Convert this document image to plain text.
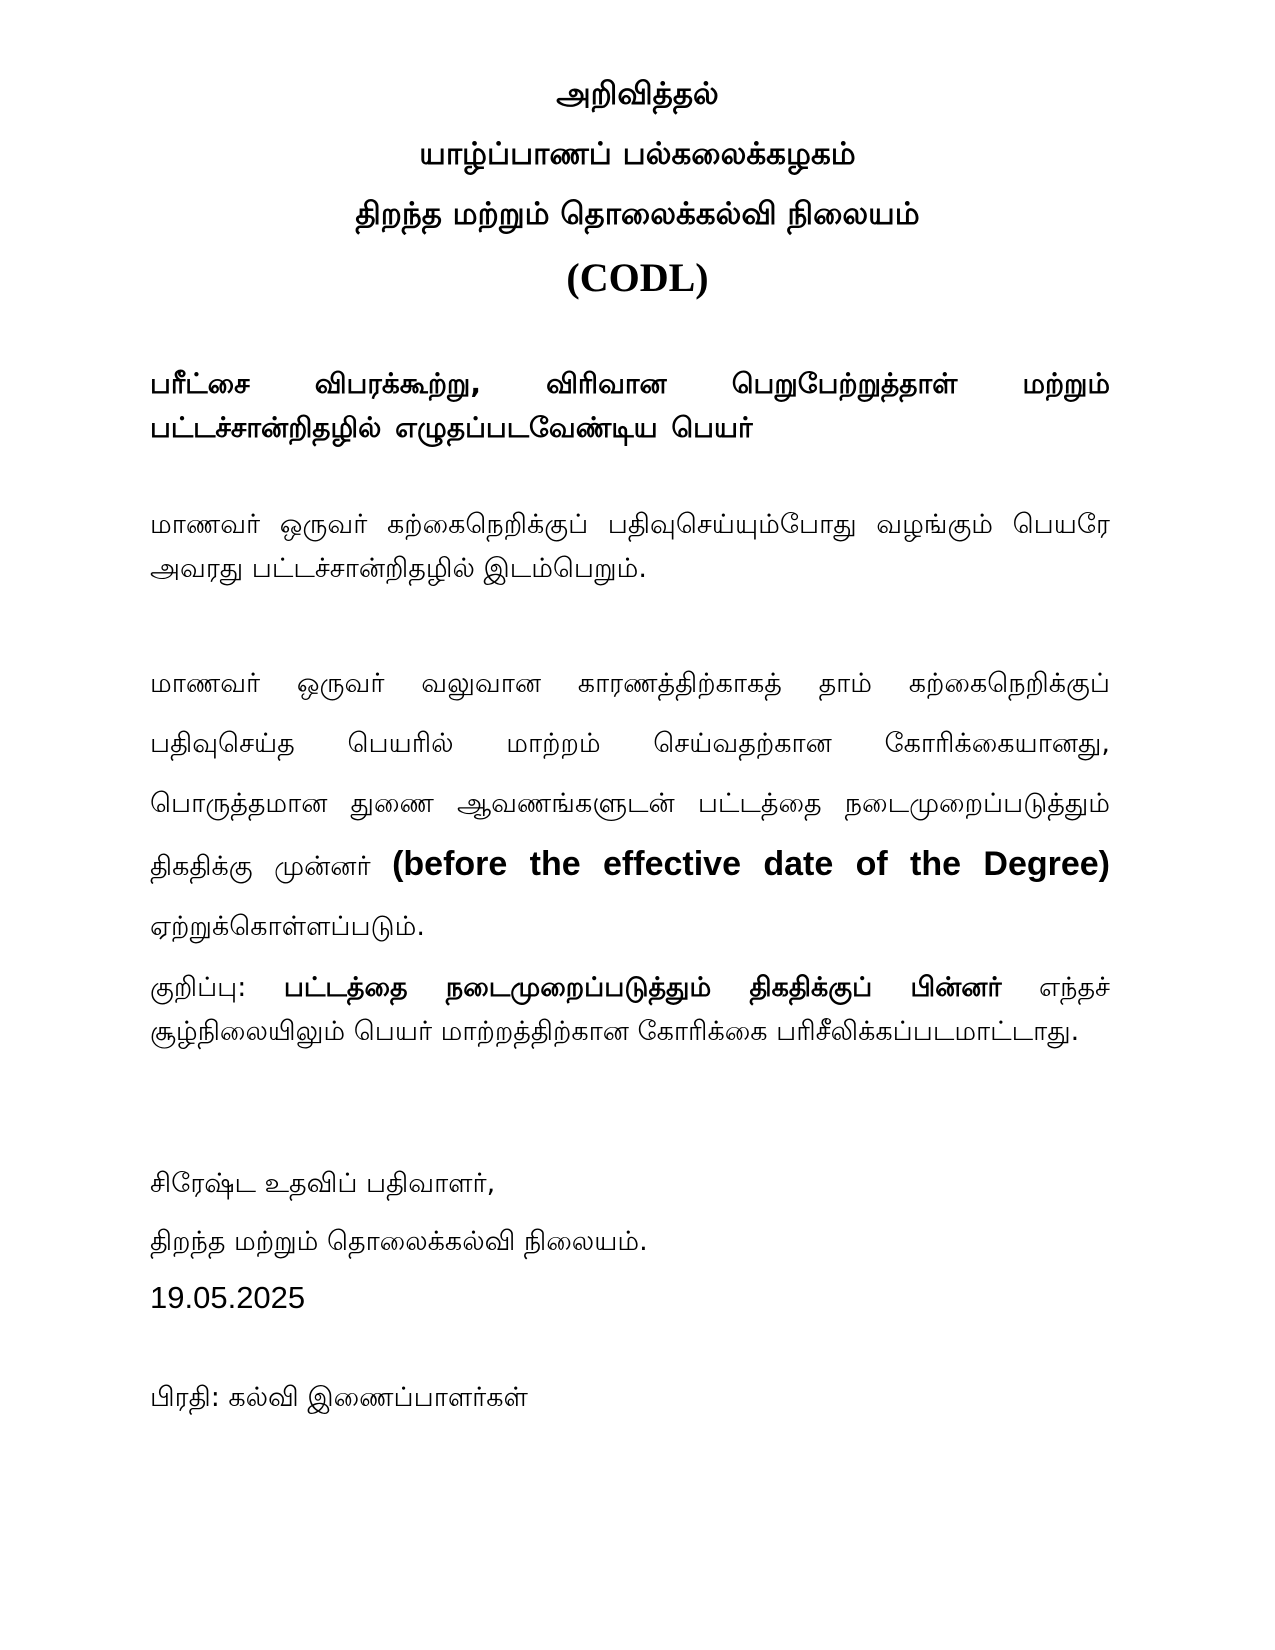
அறிவித்தல்
யாழ்ப்பாணப் பல்கலைக்கழகம்
திறந்த மற்றும் தொலைக்கல்வி நிலையம்
(CODL)
பரீட்சை விபரக்கூற்று, விரிவான பெறுபேற்றுத்தாள் மற்றும் பட்டச்சான்றிதழில் எழுதப்படவேண்டிய பெயர்
மாணவர் ஒருவர் கற்கைநெறிக்குப் பதிவுசெய்யும்போது வழங்கும் பெயரே அவரது பட்டச்சான்றிதழில் இடம்பெறும்.
மாணவர் ஒருவர் வலுவான காரணத்திற்காகத் தாம் கற்கைநெறிக்குப் பதிவுசெய்த பெயரில் மாற்றம் செய்வதற்கான கோரிக்கையானது, பொருத்தமான துணை ஆவணங்களுடன் பட்டத்தை நடைமுறைப்படுத்தும் திகதிக்கு முன்னர் (before the effective date of the Degree) ஏற்றுக்கொள்ளப்படும்.
குறிப்பு: பட்டத்தை நடைமுறைப்படுத்தும் திகதிக்குப் பின்னர் எந்தச் சூழ்நிலையிலும் பெயர் மாற்றத்திற்கான கோரிக்கை பரிசீலிக்கப்படமாட்டாது.
சிரேஷ்ட உதவிப் பதிவாளர்,
திறந்த மற்றும் தொலைக்கல்வி நிலையம்.
19.05.2025
பிரதி: கல்வி இணைப்பாளர்கள்
